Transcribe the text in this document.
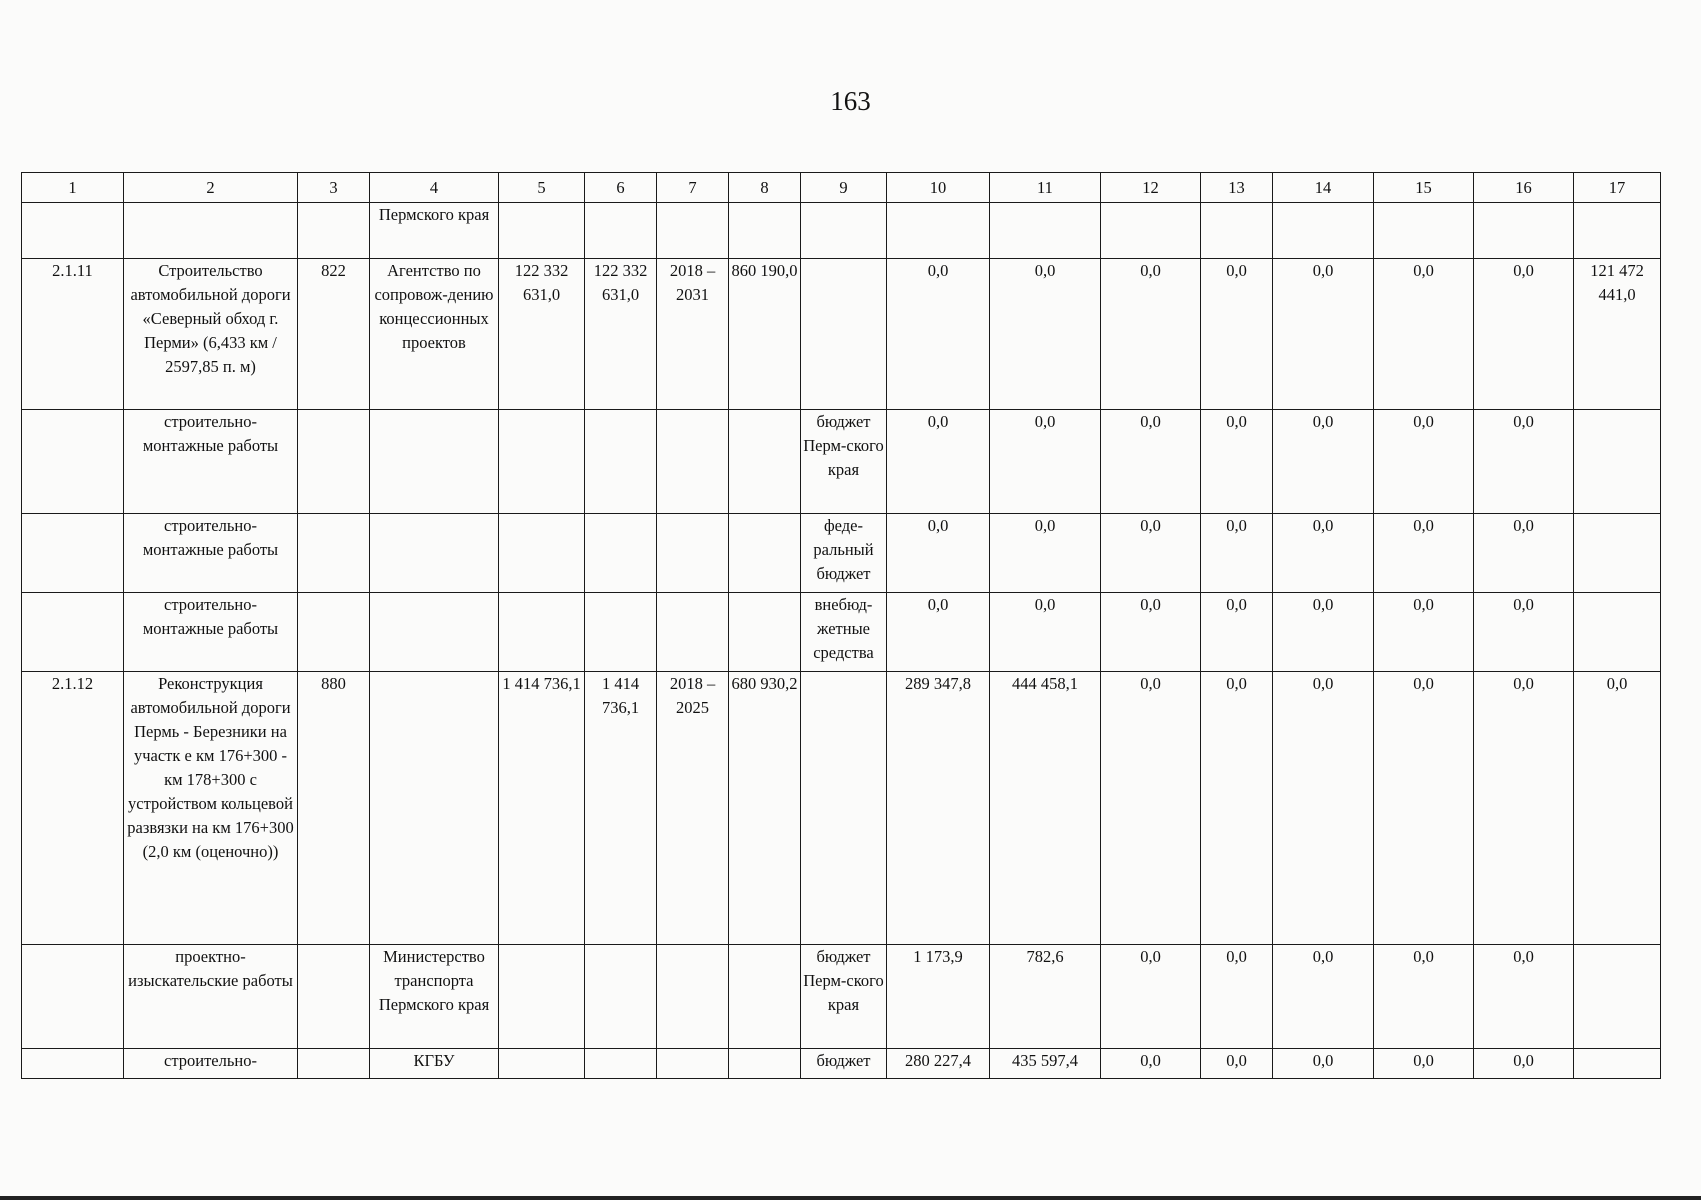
163
1	2	3	4	5	6	7	8	9	10	11	12	13	14	15	16	17
			Пермского края													
2.1.11	Строительство автомобильной дороги «Северный обход г. Перми» (6,433 км / 2597,85 п. м)	822	Агентство по сопровож-дению концессионных проектов	122 332 631,0	122 332 631,0	2018 – 2031	860 190,0		0,0	0,0	0,0	0,0	0,0	0,0	0,0	121 472 441,0
	строительно-монтажные работы							бюджет Перм-ского края	0,0	0,0	0,0	0,0	0,0	0,0	0,0	
	строительно-монтажные работы							феде-ральный бюджет	0,0	0,0	0,0	0,0	0,0	0,0	0,0	
	строительно-монтажные работы							внебюд-жетные средства	0,0	0,0	0,0	0,0	0,0	0,0	0,0	
2.1.12	Реконструкция автомобильной дороги Пермь - Березники на участк е км 176+300 - км 178+300 с устройством кольцевой развязки на км 176+300 (2,0 км (оценочно))	880		1 414 736,1	1 414 736,1	2018 – 2025	680 930,2		289 347,8	444 458,1	0,0	0,0	0,0	0,0	0,0	0,0
	проектно-изыскательские работы		Министерство транспорта Пермского края					бюджет Перм-ского края	1 173,9	782,6	0,0	0,0	0,0	0,0	0,0	
	строительно-		КГБУ					бюджет	280 227,4	435 597,4	0,0	0,0	0,0	0,0	0,0	
